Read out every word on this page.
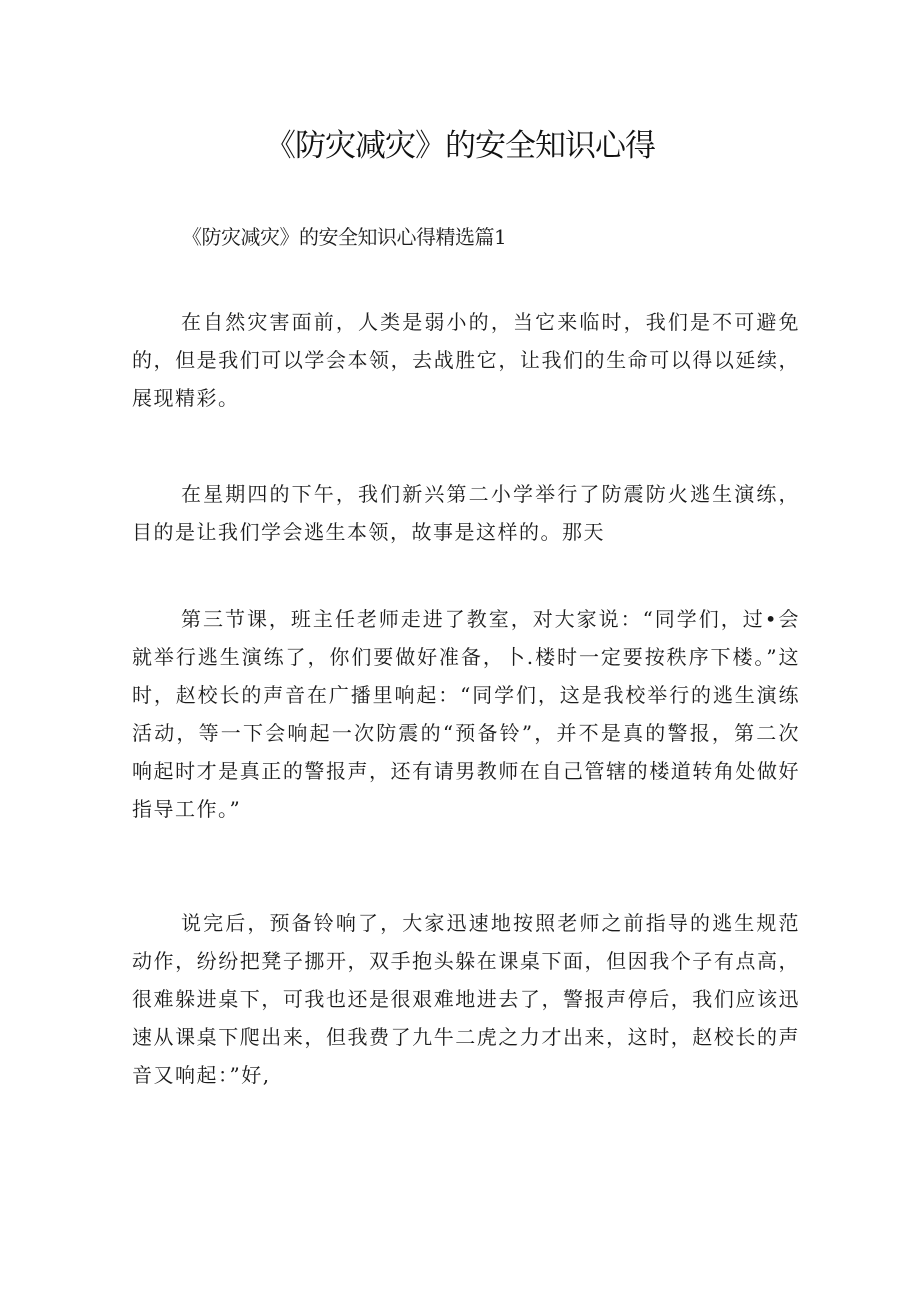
《防灾减灾》的安全知识心得
《防灾减灾》的安全知识心得精选篇1

在自然灾害面前，人类是弱小的，当它来临时，我们是不可避免的，但是我们可以学会本领，去战胜它，让我们的生命可以得以延续，展现精彩。

在星期四的下午，我们新兴第二小学举行了防震防火逃生演练，目的是让我们学会逃生本领，故事是这样的。那天

第三节课，班主任老师走进了教室，对大家说：“同学们，过•会就举行逃生演练了，你们要做好准备，卜.楼时一定要按秩序下楼。”这时，赵校长的声音在广播里响起：“同学们，这是我校举行的逃生演练活动，等一下会响起一次防震的“预备铃”，并不是真的警报，第二次响起时才是真正的警报声，还有请男教师在自己管辖的楼道转角处做好指导工作。”

说完后，预备铃响了，大家迅速地按照老师之前指导的逃生规范动作，纷纷把凳子挪开，双手抱头躲在课桌下面，但因我个子有点高，很难躲进桌下，可我也还是很艰难地进去了，警报声停后，我们应该迅速从课桌下爬出来，但我费了九牛二虎之力才出来，这时，赵校长的声音又响起：”好,
